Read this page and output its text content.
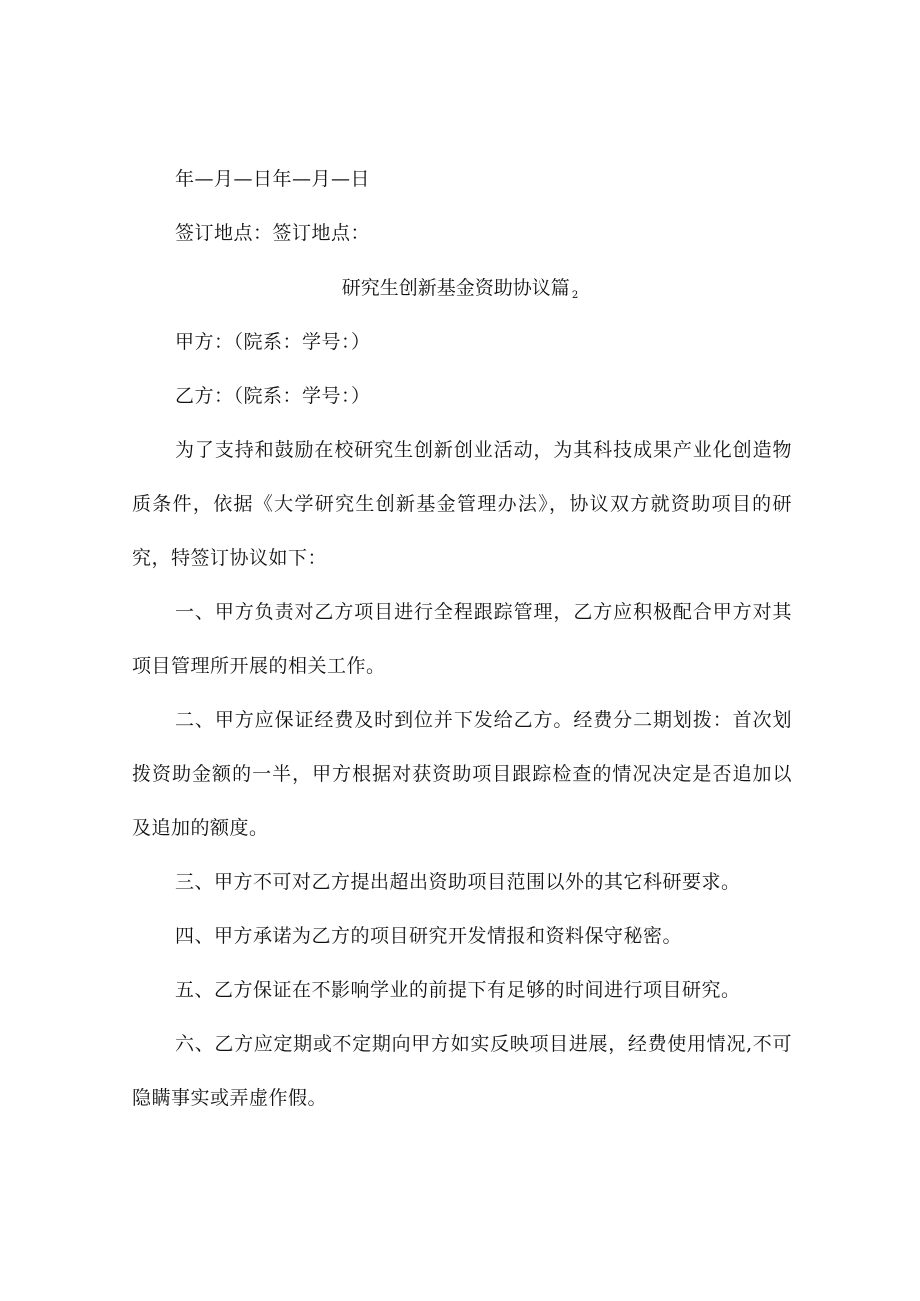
年—月—日年—月—日
签订地点：签订地点：
研究生创新基金资助协议篇 $_2$
甲方：（院系：学号：）
乙方：（院系：学号：）

为了支持和鼓励在校研究生创新创业活动，为其科技成果产业化创造物质条件，依据《大学研究生创新基金管理办法》，协议双方就资助项目的研究，特签订协议如下：

一、甲方负责对乙方项目进行全程跟踪管理，乙方应积极配合甲方对其项目管理所开展的相关工作。

二、甲方应保证经费及时到位并下发给乙方。经费分二期划拨：首次划拨资助金额的一半，甲方根据对获资助项目跟踪检查的情况决定是否追加以及追加的额度。

三、甲方不可对乙方提出超出资助项目范围以外的其它科研要求。

四、甲方承诺为乙方的项目研究开发情报和资料保守秘密。

五、乙方保证在不影响学业的前提下有足够的时间进行项目研究。

六、乙方应定期或不定期向甲方如实反映项目进展，经费使用情况,不可隐瞒事实或弄虚作假。
